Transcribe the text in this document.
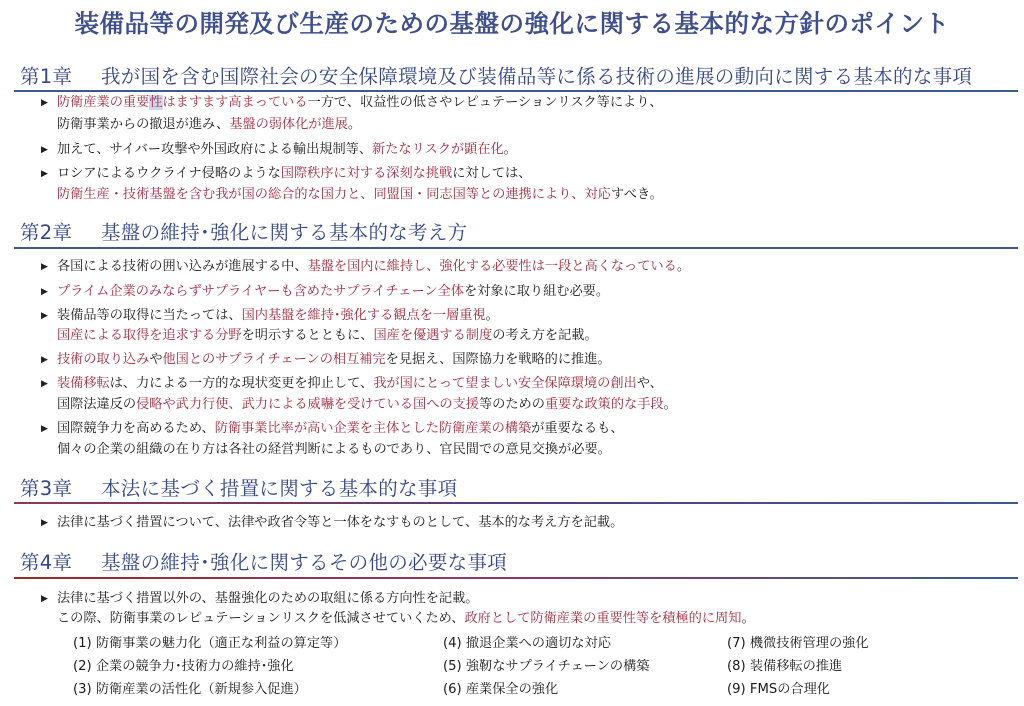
装備品等の開発及び生産のための基盤の強化に関する基本的な方針のポイント
第1章 我が国を含む国際社会の安全保障環境及び装備品等に係る技術の進展の動向に関する基本的な事項
▶ 防衛産業の重要性はますます高まっている一方で、収益性の低さやレピュテーションリスク等により、
防衛事業からの撤退が進み、基盤の弱体化が進展。
▶ 加えて、サイバー攻撃や外国政府による輸出規制等、新たなリスクが顕在化。
▶ ロシアによるウクライナ侵略のような国際秩序に対する深刻な挑戦に対しては、
防衛生産・技術基盤を含む我が国の総合的な国力と、同盟国・同志国等との連携により、対応すべき。
第2章 基盤の維持･強化に関する基本的な考え方
▶ 各国による技術の囲い込みが進展する中、基盤を国内に維持し、強化する必要性は一段と高くなっている。
▶ プライム企業のみならずサプライヤーも含めたサプライチェーン全体を対象に取り組む必要。
▶ 装備品等の取得に当たっては、国内基盤を維持･強化する観点を一層重視。
国産による取得を追求する分野を明示するとともに、国産を優遇する制度の考え方を記載。
▶ 技術の取り込みや他国とのサプライチェーンの相互補完を見据え、国際協力を戦略的に推進。
▶ 装備移転は、力による一方的な現状変更を抑止して、我が国にとって望ましい安全保障環境の創出や、
国際法違反の侵略や武力行使、武力による威嚇を受けている国への支援等のための重要な政策的な手段。
▶ 国際競争力を高めるため、防衛事業比率が高い企業を主体とした防衛産業の構築が重要なるも、
個々の企業の組織の在り方は各社の経営判断によるものであり、官民間での意見交換が必要。
第3章 本法に基づく措置に関する基本的な事項
▶ 法律に基づく措置について、法律や政省令等と一体をなすものとして、基本的な考え方を記載。
第4章 基盤の維持･強化に関するその他の必要な事項
▶ 法律に基づく措置以外の、基盤強化のための取組に係る方向性を記載。
この際、防衛事業のレピュテーションリスクを低減させていくため、政府として防衛産業の重要性等を積極的に周知。
(1) 防衛事業の魅力化（適正な利益の算定等）
(2) 企業の競争力･技術力の維持･強化
(3) 防衛産業の活性化（新規参入促進）
(4) 撤退企業への適切な対応
(5) 強靭なサプライチェーンの構築
(6) 産業保全の強化
(7) 機微技術管理の強化
(8) 装備移転の推進
(9) FMSの合理化
